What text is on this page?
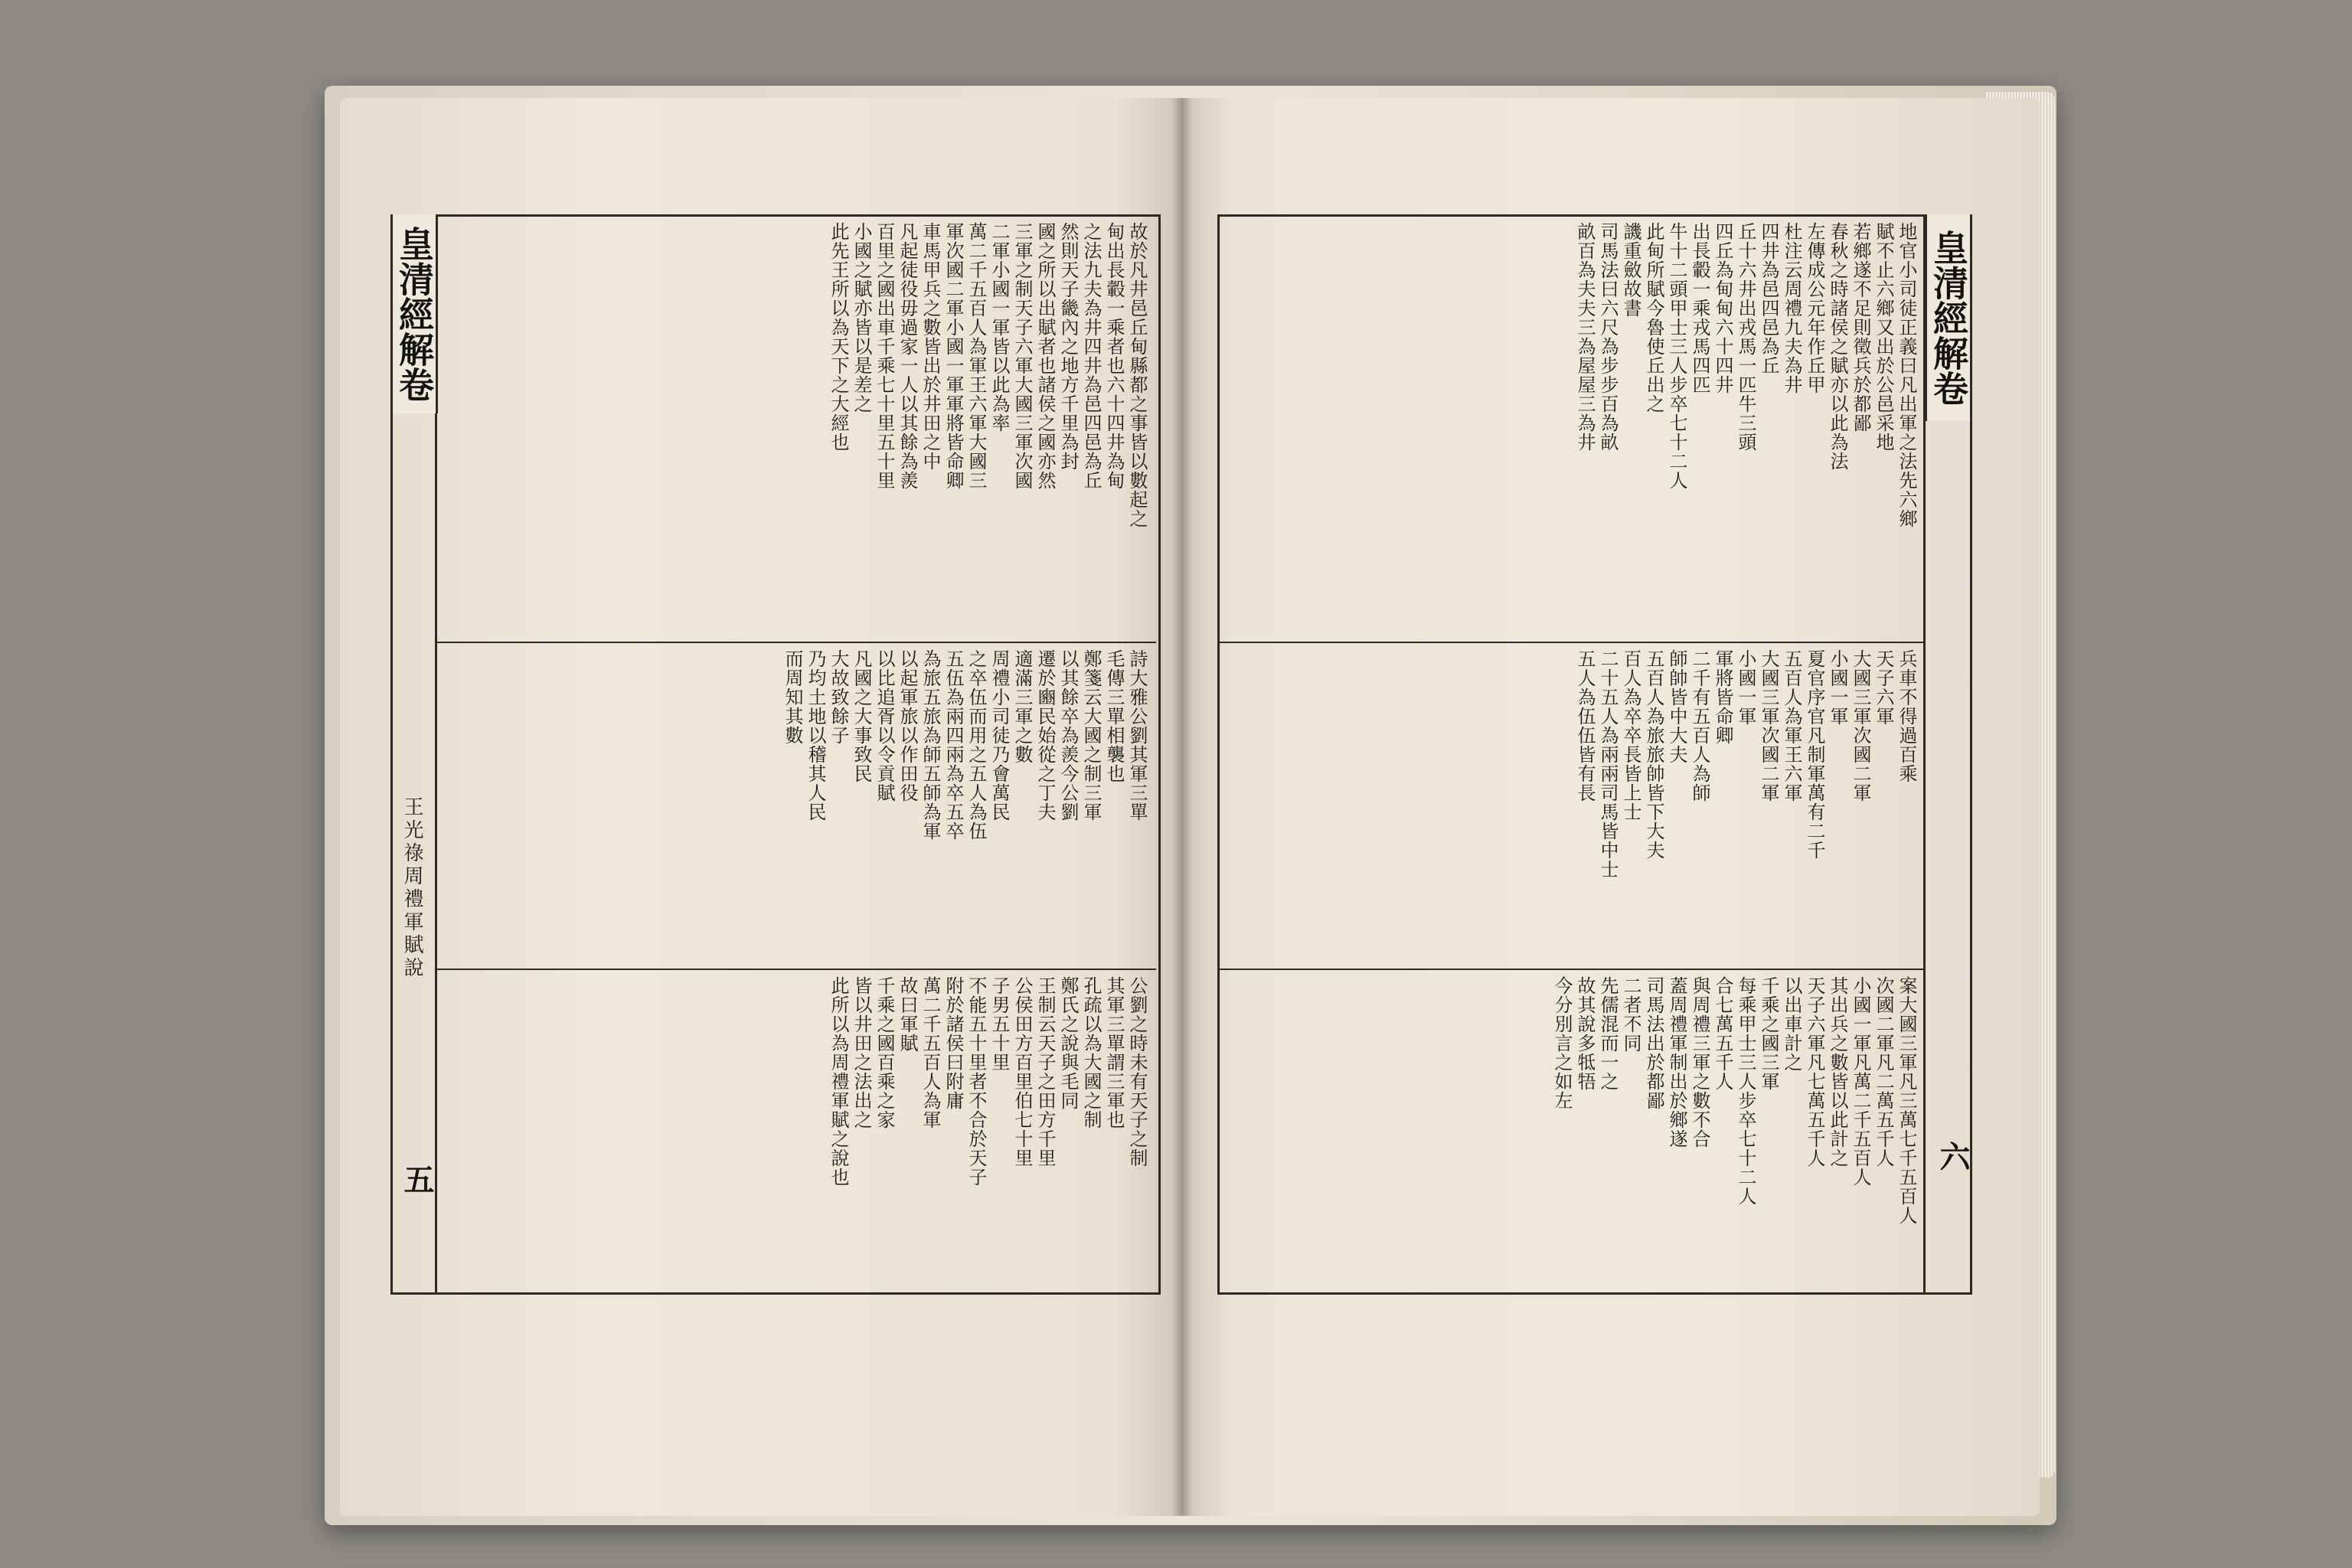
皇清經解卷
王光祿周禮軍賦說
五
故於凡井邑丘甸縣都之事皆以數起之
甸出長轂一乘者也六十四井為甸
之法九夫為井四井為邑四邑為丘
然則天子畿內之地方千里為封
國之所以出賦者也諸侯之國亦然
三軍之制天子六軍大國三軍次國
二軍小國一軍皆以此為率
萬二千五百人為軍王六軍大國三
軍次國二軍小國一軍軍將皆命卿
車馬甲兵之數皆出於井田之中
凡起徒役毋過家一人以其餘為羨
百里之國出車千乘七十里五十里
小國之賦亦皆以是差之
此先王所以為天下之大經也
詩大雅公劉其軍三單
毛傳三單相襲也
鄭箋云大國之制三軍
以其餘卒為羨今公劉
遷於豳民始從之丁夫
適滿三軍之數
周禮小司徒乃會萬民
之卒伍而用之五人為伍
五伍為兩四兩為卒五卒
為旅五旅為師五師為軍
以起軍旅以作田役
以比追胥以令貢賦
凡國之大事致民
大故致餘子
乃均土地以稽其人民
而周知其數
公劉之時未有天子之制
其軍三單謂三軍也
孔疏以為大國之制
鄭氏之說與毛同
王制云天子之田方千里
公侯田方百里伯七十里
子男五十里
不能五十里者不合於天子
附於諸侯曰附庸
萬二千五百人為軍
故曰軍賦
千乘之國百乘之家
皆以井田之法出之
此所以為周禮軍賦之說也
皇清經解卷
六
地官小司徒正義曰凡出軍之法先六鄉
賦不止六鄉又出於公邑采地
若鄉遂不足則徵兵於都鄙
春秋之時諸侯之賦亦以此為法
左傳成公元年作丘甲
杜注云周禮九夫為井
四井為邑四邑為丘
丘十六井出戎馬一匹牛三頭
四丘為甸甸六十四井
出長轂一乘戎馬四匹
牛十二頭甲士三人步卒七十二人
此甸所賦今魯使丘出之
譏重斂故書
司馬法曰六尺為步步百為畝
畝百為夫夫三為屋屋三為井
兵車不得過百乘
天子六軍
大國三軍次國二軍
小國一軍
夏官序官凡制軍萬有二千
五百人為軍王六軍
大國三軍次國二軍
小國一軍
軍將皆命卿
二千有五百人為師
師帥皆中大夫
五百人為旅旅帥皆下大夫
百人為卒卒長皆上士
二十五人為兩兩司馬皆中士
五人為伍伍皆有長
案大國三軍凡三萬七千五百人
次國二軍凡二萬五千人
小國一軍凡萬二千五百人
其出兵之數皆以此計之
天子六軍凡七萬五千人
以出車計之
千乘之國三軍
每乘甲士三人步卒七十二人
合七萬五千人
與周禮三軍之數不合
蓋周禮軍制出於鄉遂
司馬法出於都鄙
二者不同
先儒混而一之
故其說多牴牾
今分別言之如左
